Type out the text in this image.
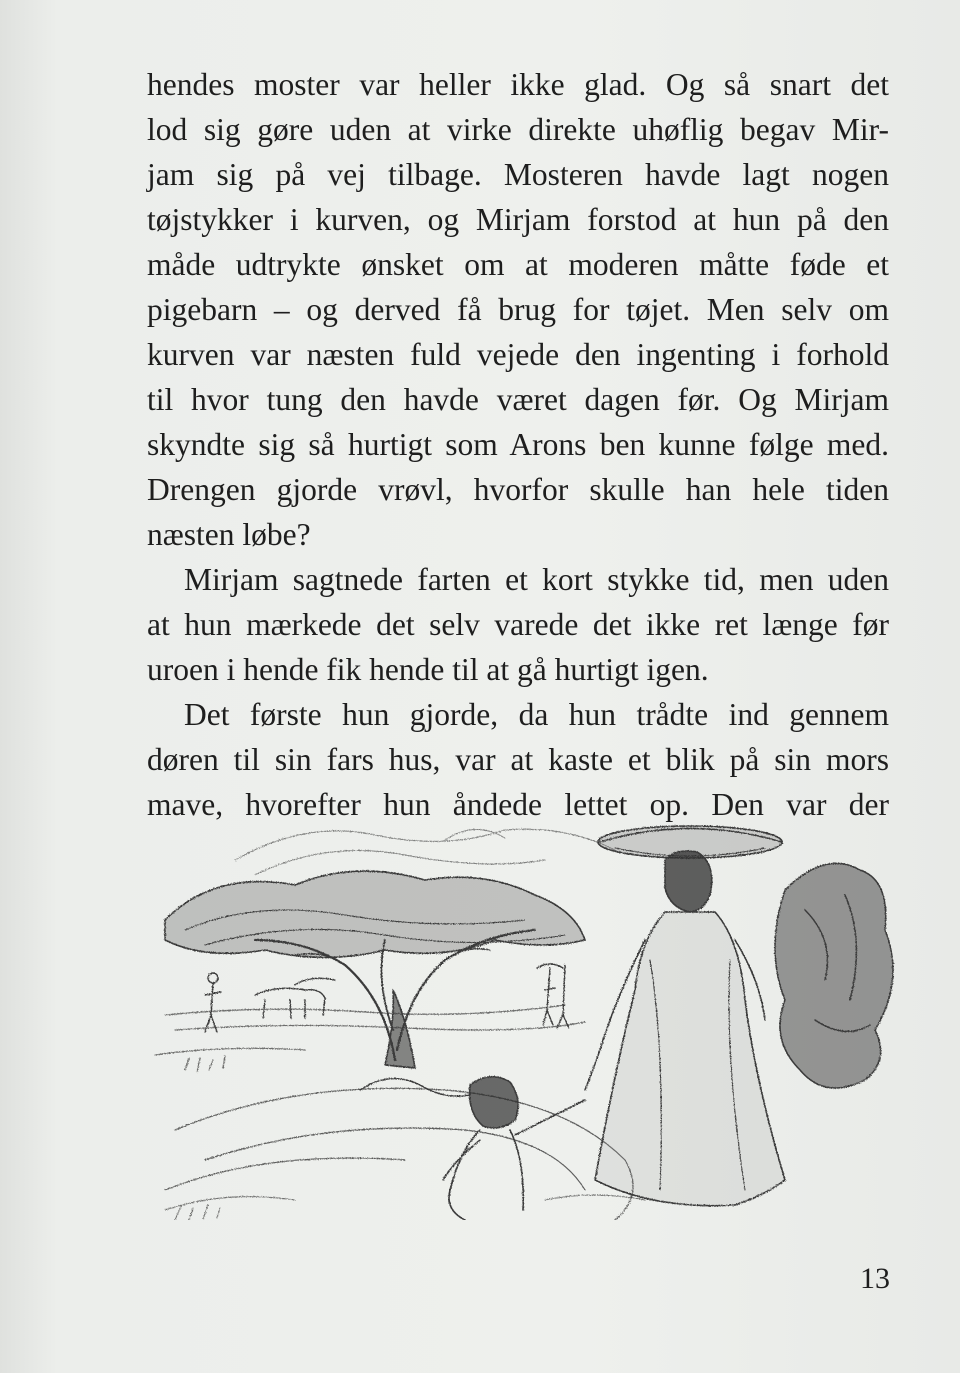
hendes moster var heller ikke glad. Og så snart det
lod sig gøre uden at virke direkte uhøflig begav Mir-
jam sig på vej tilbage. Mosteren havde lagt nogen
tøjstykker i kurven, og Mirjam forstod at hun på den
måde udtrykte ønsket om at moderen måtte føde et
pigebarn – og derved få brug for tøjet. Men selv om
kurven var næsten fuld vejede den ingenting i forhold
til hvor tung den havde været dagen før. Og Mirjam
skyndte sig så hurtigt som Arons ben kunne følge med.
Drengen gjorde vrøvl, hvorfor skulle han hele tiden
næsten løbe?
Mirjam sagtnede farten et kort stykke tid, men uden
at hun mærkede det selv varede det ikke ret længe før
uroen i hende fik hende til at gå hurtigt igen.
Det første hun gjorde, da hun trådte ind gennem
døren til sin fars hus, var at kaste et blik på sin mors
mave, hvorefter hun åndede lettet op. Den var der
13
